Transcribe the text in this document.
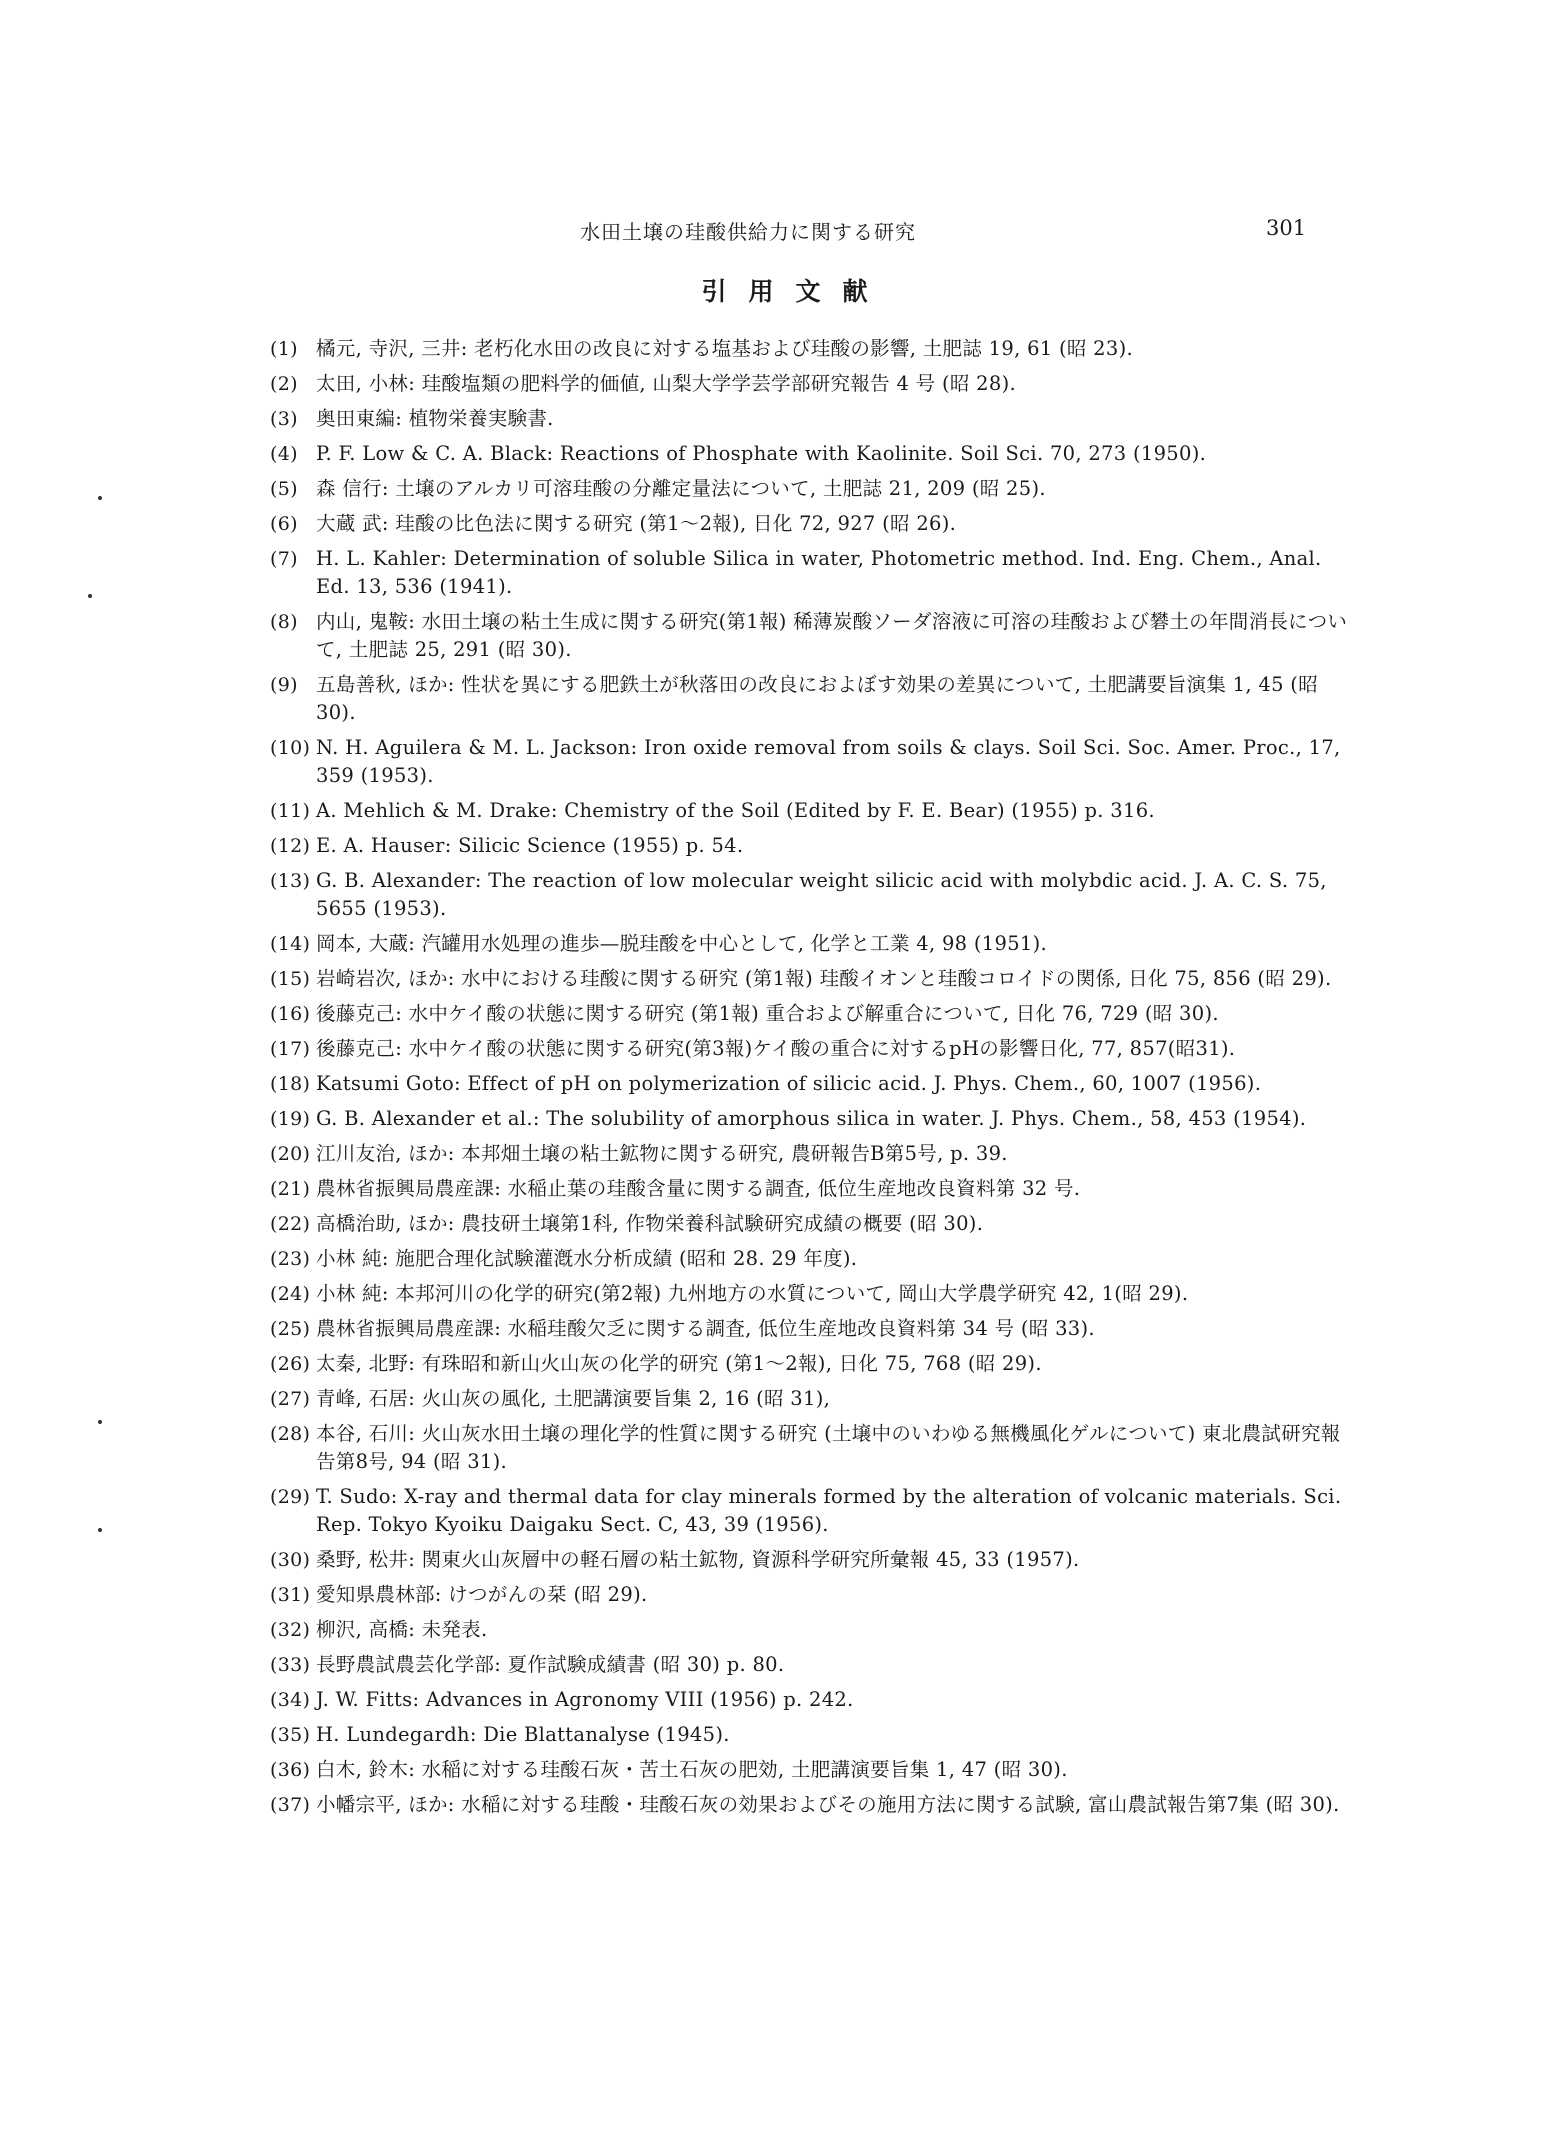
水田土壌の珪酸供給力に関する研究	301
引用文献
(1) 橘元, 寺沢, 三井: 老朽化水田の改良に対する塩基および珪酸の影響, 土肥誌 19, 61 (昭 23).
(2) 太田, 小林: 珪酸塩類の肥料学的価値, 山梨大学学芸学部研究報告 4 号 (昭 28).
(3) 奥田東編: 植物栄養実験書.
(4) P. F. Low & C. A. Black: Reactions of Phosphate with Kaolinite. Soil Sci. 70, 273 (1950).
(5) 森 信行: 土壌のアルカリ可溶珪酸の分離定量法について, 土肥誌 21, 209 (昭 25).
(6) 大蔵 武: 珪酸の比色法に関する研究 (第1～2報), 日化 72, 927 (昭 26).
(7) H. L. Kahler: Determination of soluble Silica in water, Photometric method. Ind. Eng. Chem., Anal. Ed. 13, 536 (1941).
(8) 内山, 鬼鞍: 水田土壌の粘土生成に関する研究(第1報) 稀薄炭酸ソーダ溶液に可溶の珪酸および礬土の年間消長について, 土肥誌 25, 291 (昭 30).
(9) 五島善秋, ほか: 性状を異にする肥鉄土が秋落田の改良におよぼす効果の差異について, 土肥講要旨演集 1, 45 (昭 30).
(10) N. H. Aguilera & M. L. Jackson: Iron oxide removal from soils & clays. Soil Sci. Soc. Amer. Proc., 17, 359 (1953).
(11) A. Mehlich & M. Drake: Chemistry of the Soil (Edited by F. E. Bear) (1955) p. 316.
(12) E. A. Hauser: Silicic Science (1955) p. 54.
(13) G. B. Alexander: The reaction of low molecular weight silicic acid with molybdic acid. J. A. C. S. 75, 5655 (1953).
(14) 岡本, 大蔵: 汽罐用水処理の進歩—脱珪酸を中心として, 化学と工業 4, 98 (1951).
(15) 岩崎岩次, ほか: 水中における珪酸に関する研究 (第1報) 珪酸イオンと珪酸コロイドの関係, 日化 75, 856 (昭 29).
(16) 後藤克己: 水中ケイ酸の状態に関する研究 (第1報) 重合および解重合について, 日化 76, 729 (昭 30).
(17) 後藤克己: 水中ケイ酸の状態に関する研究(第3報)ケイ酸の重合に対するpHの影響日化, 77, 857(昭31).
(18) Katsumi Goto: Effect of pH on polymerization of silicic acid. J. Phys. Chem., 60, 1007 (1956).
(19) G. B. Alexander et al.: The solubility of amorphous silica in water. J. Phys. Chem., 58, 453 (1954).
(20) 江川友治, ほか: 本邦畑土壌の粘土鉱物に関する研究, 農研報告B第5号, p. 39.
(21) 農林省振興局農産課: 水稲止葉の珪酸含量に関する調査, 低位生産地改良資料第 32 号.
(22) 高橋治助, ほか: 農技研土壌第1科, 作物栄養科試験研究成績の概要 (昭 30).
(23) 小林 純: 施肥合理化試験灌漑水分析成績 (昭和 28. 29 年度).
(24) 小林 純: 本邦河川の化学的研究(第2報) 九州地方の水質について, 岡山大学農学研究 42, 1(昭 29).
(25) 農林省振興局農産課: 水稲珪酸欠乏に関する調査, 低位生産地改良資料第 34 号 (昭 33).
(26) 太秦, 北野: 有珠昭和新山火山灰の化学的研究 (第1～2報), 日化 75, 768 (昭 29).
(27) 青峰, 石居: 火山灰の風化, 土肥講演要旨集 2, 16 (昭 31),
(28) 本谷, 石川: 火山灰水田土壌の理化学的性質に関する研究 (土壌中のいわゆる無機風化ゲルについて) 東北農試研究報告第8号, 94 (昭 31).
(29) T. Sudo: X-ray and thermal data for clay minerals formed by the alteration of volcanic materials. Sci. Rep. Tokyo Kyoiku Daigaku Sect. C, 43, 39 (1956).
(30) 桑野, 松井: 関東火山灰層中の軽石層の粘土鉱物, 資源科学研究所彙報 45, 33 (1957).
(31) 愛知県農林部: けつがんの栞 (昭 29).
(32) 柳沢, 高橋: 未発表.
(33) 長野農試農芸化学部: 夏作試験成績書 (昭 30) p. 80.
(34) J. W. Fitts: Advances in Agronomy VIII (1956) p. 242.
(35) H. Lundegardh: Die Blattanalyse (1945).
(36) 白木, 鈴木: 水稲に対する珪酸石灰・苦土石灰の肥効, 土肥講演要旨集 1, 47 (昭 30).
(37) 小幡宗平, ほか: 水稲に対する珪酸・珪酸石灰の効果およびその施用方法に関する試験, 富山農試報告第7集 (昭 30).
